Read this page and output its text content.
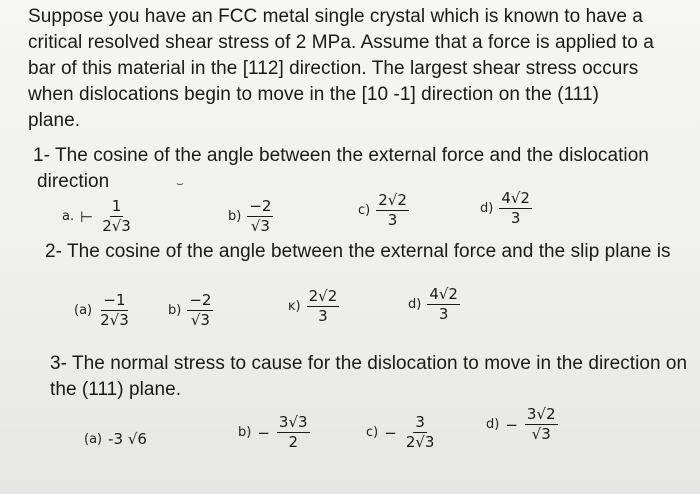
Suppose you have an FCC metal single crystal which is known to have a
critical resolved shear stress of 2 MPa. Assume that a force is applied to a
bar of this material in the [112] direction. The largest shear stress occurs
when dislocations begin to move in the [10 -1] direction on the (111)
plane.
1- The cosine of the angle between the external force and the dislocation
direction	⌣
a. ⊢ $\frac{1}{2√3}$	$b) \frac{-2}{√3}$	$c) \frac{2√2}{3}$	$d) \frac{4√2}{3}$
2- The cosine of the angle between the external force and the slip plane is
$(a) \frac{-1}{2√3}$	$b) \frac{-2}{√3}$	ĸ) $\frac{2√2}{3}$	$d) \frac{4√2}{3}$
3- The normal stress to cause for the dislocation to move in the direction on
the (111) plane.
(a) -3 √6	$b) - \frac{3√3}{2}$	$c) - \frac{3}{2√3}$	$d) - \frac{3√2}{√3}$
